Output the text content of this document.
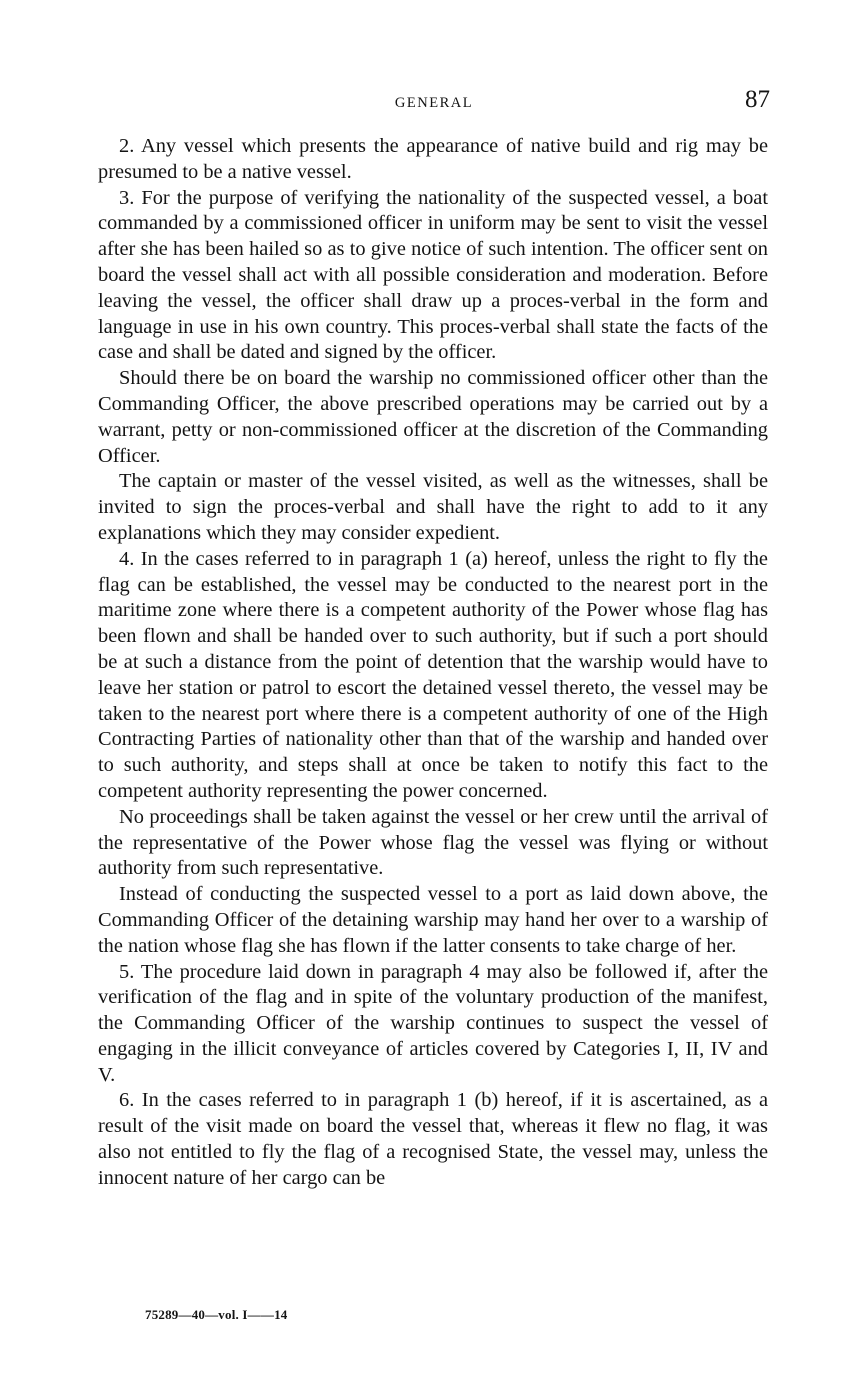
GENERAL	87

2. Any vessel which presents the appearance of native build and rig may be presumed to be a native vessel.

3. For the purpose of verifying the nationality of the suspected vessel, a boat commanded by a commissioned officer in uniform may be sent to visit the vessel after she has been hailed so as to give notice of such intention. The officer sent on board the vessel shall act with all possible consideration and moderation. Before leaving the vessel, the officer shall draw up a proces-verbal in the form and language in use in his own country. This proces-verbal shall state the facts of the case and shall be dated and signed by the officer.

Should there be on board the warship no commissioned officer other than the Commanding Officer, the above prescribed operations may be carried out by a warrant, petty or non-commissioned officer at the discretion of the Commanding Officer.

The captain or master of the vessel visited, as well as the witnesses, shall be invited to sign the proces-verbal and shall have the right to add to it any explanations which they may consider expedient.

4. In the cases referred to in paragraph 1 (a) hereof, unless the right to fly the flag can be established, the vessel may be conducted to the nearest port in the maritime zone where there is a competent authority of the Power whose flag has been flown and shall be handed over to such authority, but if such a port should be at such a distance from the point of detention that the warship would have to leave her station or patrol to escort the detained vessel thereto, the vessel may be taken to the nearest port where there is a competent authority of one of the High Contracting Parties of nationality other than that of the warship and handed over to such authority, and steps shall at once be taken to notify this fact to the competent authority representing the power concerned.

No proceedings shall be taken against the vessel or her crew until the arrival of the representative of the Power whose flag the vessel was flying or without authority from such representative.

Instead of conducting the suspected vessel to a port as laid down above, the Commanding Officer of the detaining warship may hand her over to a warship of the nation whose flag she has flown if the latter consents to take charge of her.

5. The procedure laid down in paragraph 4 may also be followed if, after the verification of the flag and in spite of the voluntary production of the manifest, the Commanding Officer of the warship continues to suspect the vessel of engaging in the illicit conveyance of articles covered by Categories I, II, IV and V.

6. In the cases referred to in paragraph 1 (b) hereof, if it is ascertained, as a result of the visit made on board the vessel that, whereas it flew no flag, it was also not entitled to fly the flag of a recognised State, the vessel may, unless the innocent nature of her cargo can be

75289—40—vol. I——14
